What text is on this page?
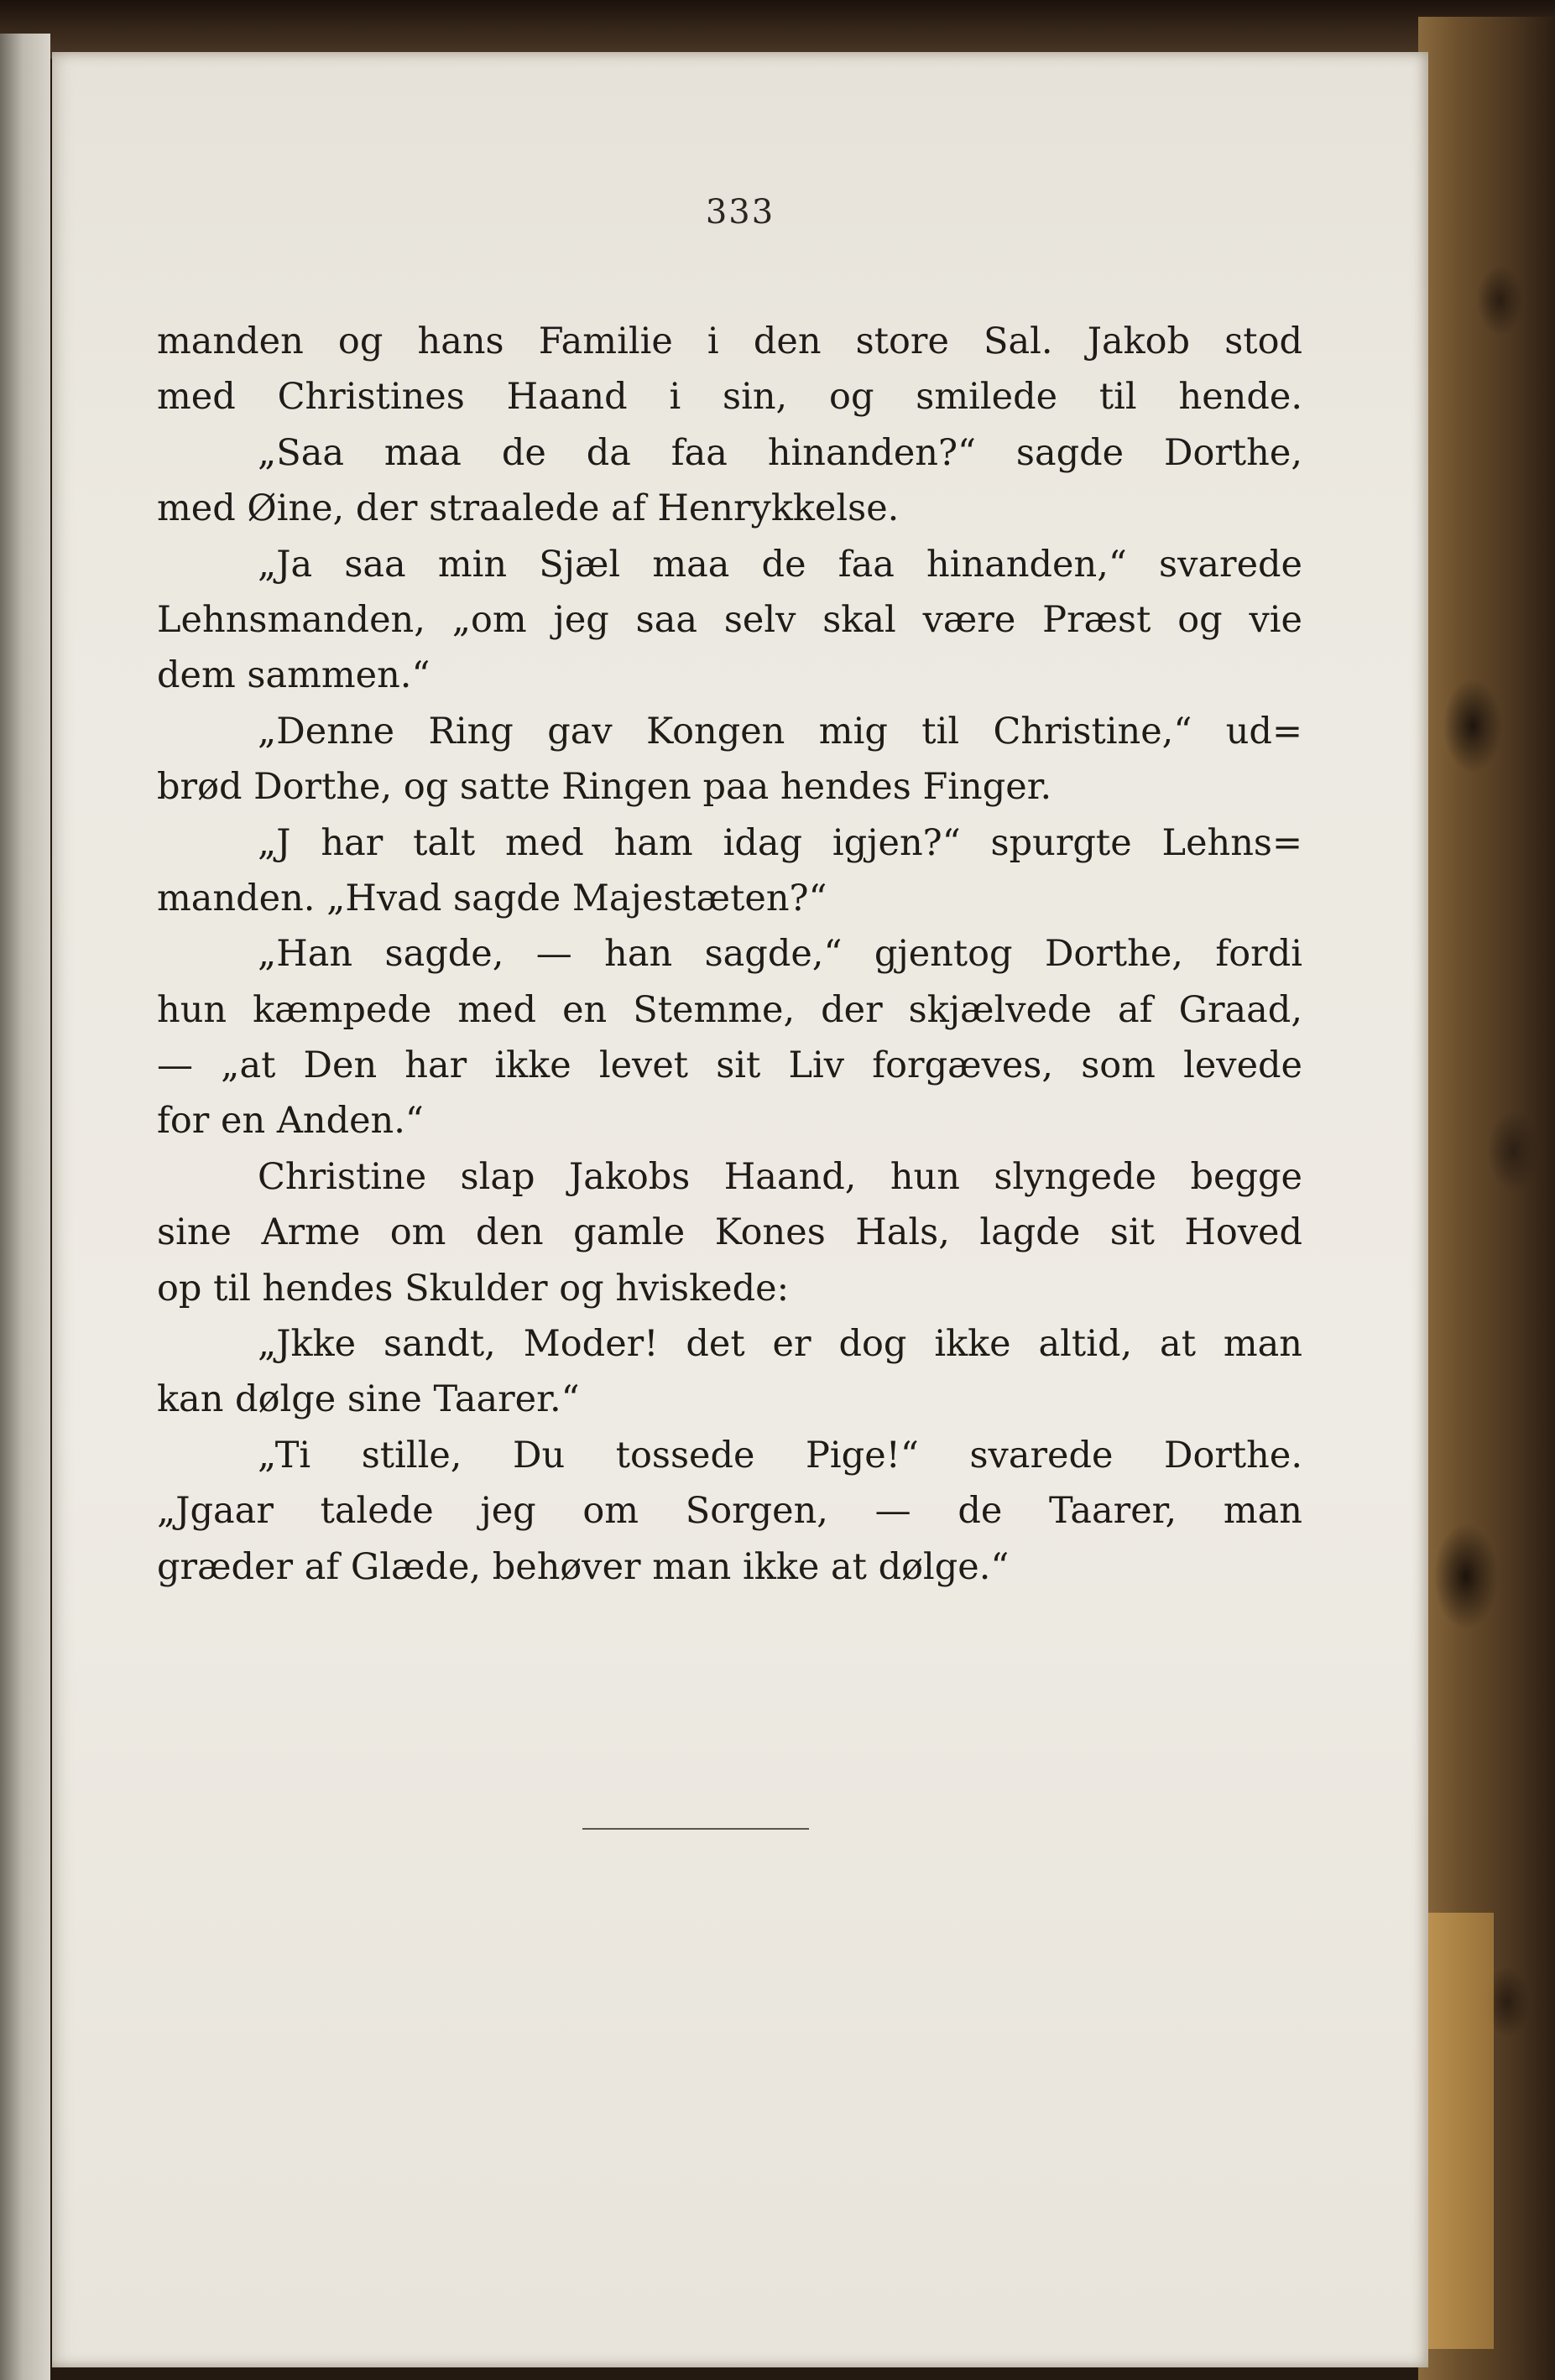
333
manden og hans Familie i den store Sal. Jakob stod
med Christines Haand i sin, og smilede til hende.
„Saa maa de da faa hinanden?“ sagde Dorthe,
med Øine, der straalede af Henrykkelse.
„Ja saa min Sjæl maa de faa hinanden,“ svarede
Lehnsmanden, „om jeg saa selv skal være Præst og vie
dem sammen.“
„Denne Ring gav Kongen mig til Christine,“ ud=
brød Dorthe, og satte Ringen paa hendes Finger.
„J har talt med ham idag igjen?“ spurgte Lehns=
manden. „Hvad sagde Majestæten?“
„Han sagde, — han sagde,“ gjentog Dorthe, fordi
hun kæmpede med en Stemme, der skjælvede af Graad,
— „at Den har ikke levet sit Liv forgæves, som levede
for en Anden.“
Christine slap Jakobs Haand, hun slyngede begge
sine Arme om den gamle Kones Hals, lagde sit Hoved
op til hendes Skulder og hviskede:
„Jkke sandt, Moder! det er dog ikke altid, at man
kan dølge sine Taarer.“
„Ti stille, Du tossede Pige!“ svarede Dorthe.
„Jgaar talede jeg om Sorgen, — de Taarer, man
græder af Glæde, behøver man ikke at dølge.“
